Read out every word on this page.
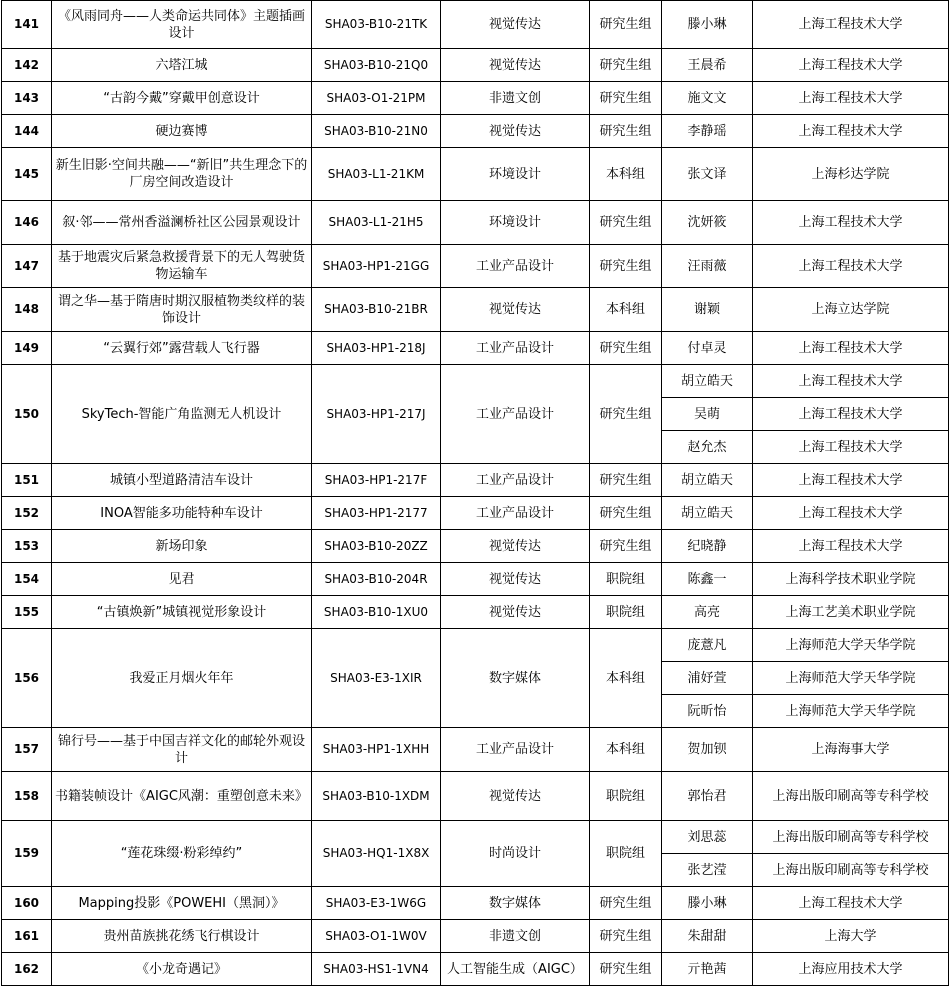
141	《风雨同舟——人类命运共同体》主题插画设计	SHA03-B10-21TK	视觉传达	研究生组	滕小琳	上海工程技术大学
142	六塔江城	SHA03-B10-21Q0	视觉传达	研究生组	王晨希	上海工程技术大学
143	“古韵今戴”穿戴甲创意设计	SHA03-O1-21PM	非遗文创	研究生组	施文文	上海工程技术大学
144	硬边赛博	SHA03-B10-21N0	视觉传达	研究生组	李静瑶	上海工程技术大学
145	新生旧影·空间共融——“新旧”共生理念下的厂房空间改造设计	SHA03-L1-21KM	环境设计	本科组	张文译	上海杉达学院
146	叙·邻——常州香溢澜桥社区公园景观设计	SHA03-L1-21H5	环境设计	研究生组	沈妍筱	上海工程技术大学
147	基于地震灾后紧急救援背景下的无人驾驶货物运输车	SHA03-HP1-21GG	工业产品设计	研究生组	汪雨薇	上海工程技术大学
148	谓之华—基于隋唐时期汉服植物类纹样的装饰设计	SHA03-B10-21BR	视觉传达	本科组	谢颖	上海立达学院
149	“云翼行郊”露营载人飞行器	SHA03-HP1-218J	工业产品设计	研究生组	付卓灵	上海工程技术大学
150	SkyTech-智能广角监测无人机设计	SHA03-HP1-217J	工业产品设计	研究生组	胡立皓天	上海工程技术大学
					吴萌	上海工程技术大学
					赵允杰	上海工程技术大学
151	城镇小型道路清洁车设计	SHA03-HP1-217F	工业产品设计	研究生组	胡立皓天	上海工程技术大学
152	INOA智能多功能特种车设计	SHA03-HP1-2177	工业产品设计	研究生组	胡立皓天	上海工程技术大学
153	新场印象	SHA03-B10-20ZZ	视觉传达	研究生组	纪晓静	上海工程技术大学
154	见君	SHA03-B10-204R	视觉传达	职院组	陈鑫一	上海科学技术职业学院
155	“古镇焕新”城镇视觉形象设计	SHA03-B10-1XU0	视觉传达	职院组	高亮	上海工艺美术职业学院
156	我爱正月烟火年年	SHA03-E3-1XIR	数字媒体	本科组	庞薏凡	上海师范大学天华学院
					浦妤萱	上海师范大学天华学院
					阮昕怡	上海师范大学天华学院
157	锦行号——基于中国吉祥文化的邮轮外观设计	SHA03-HP1-1XHH	工业产品设计	本科组	贺加钡	上海海事大学
158	书籍装帧设计《AIGC风潮：重塑创意未来》	SHA03-B10-1XDM	视觉传达	职院组	郭怡君	上海出版印刷高等专科学校
159	“莲花珠缀·粉彩绰约”	SHA03-HQ1-1X8X	时尚设计	职院组	刘思蕊	上海出版印刷高等专科学校
					张艺滢	上海出版印刷高等专科学校
160	Mapping投影《POWEHI（黑洞）》	SHA03-E3-1W6G	数字媒体	研究生组	滕小琳	上海工程技术大学
161	贵州苗族挑花绣飞行棋设计	SHA03-O1-1W0V	非遗文创	研究生组	朱甜甜	上海大学
162	《小龙奇遇记》	SHA03-HS1-1VN4	人工智能生成（AIGC）	研究生组	亓艳茜	上海应用技术大学
